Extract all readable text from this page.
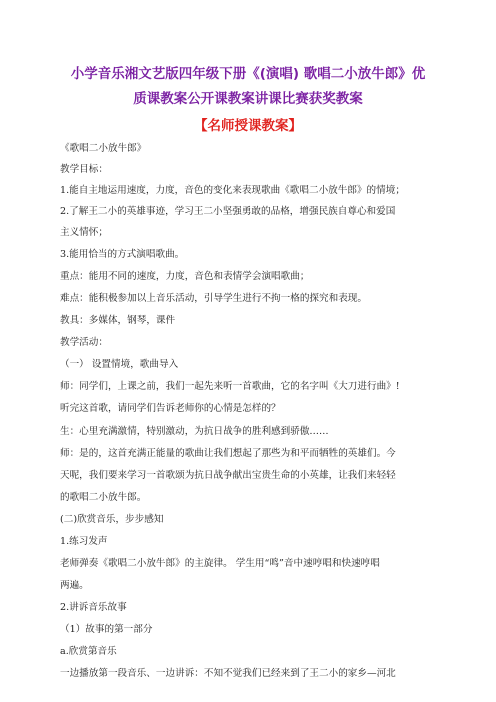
小学音乐湘文艺版四年级下册《(演唱) 歌唱二小放牛郎》优
质课教案公开课教案讲课比赛获奖教案
【名师授课教案】
《歌唱二小放牛郎》
教学目标：
1.能自主地运用速度，力度，音色的变化来表现歌曲《歌唱二小放牛郎》的情境；
2.了解王二小的英雄事迹，学习王二小坚强勇敢的品格，增强民族自尊心和爱国
主义情怀；
3.能用恰当的方式演唱歌曲。
重点：能用不同的速度，力度，音色和表情学会演唱歌曲；
难点：能积极参加以上音乐活动，引导学生进行不拘一格的探究和表现。
教具：多媒体，钢琴，课件
教学活动：
（一） 设置情境，歌曲导入
师：同学们，上课之前，我们一起先来听一首歌曲，它的名字叫《大刀进行曲》!
听完这首歌，请同学们告诉老师你的心情是怎样的？
生：心里充满激情，特别激动，为抗日战争的胜利感到骄傲……
师：是的，这首充满正能量的歌曲让我们想起了那些为和平而牺牲的英雄们。今
天呢，我们要来学习一首歌颂为抗日战争献出宝贵生命的小英雄，让我们来轻轻
的歌唱二小放牛郎。
(二)欣赏音乐，步步感知
1.练习发声
老师弹奏《歌唱二小放牛郎》的主旋律。 学生用“鸣”音中速哼唱和快速哼唱
两遍。
2.讲诉音乐故事
（1）故事的第一部分
a.欣赏第音乐
一边播放第一段音乐、一边讲诉：不知不觉我们已经来到了王二小的家乡—河北
